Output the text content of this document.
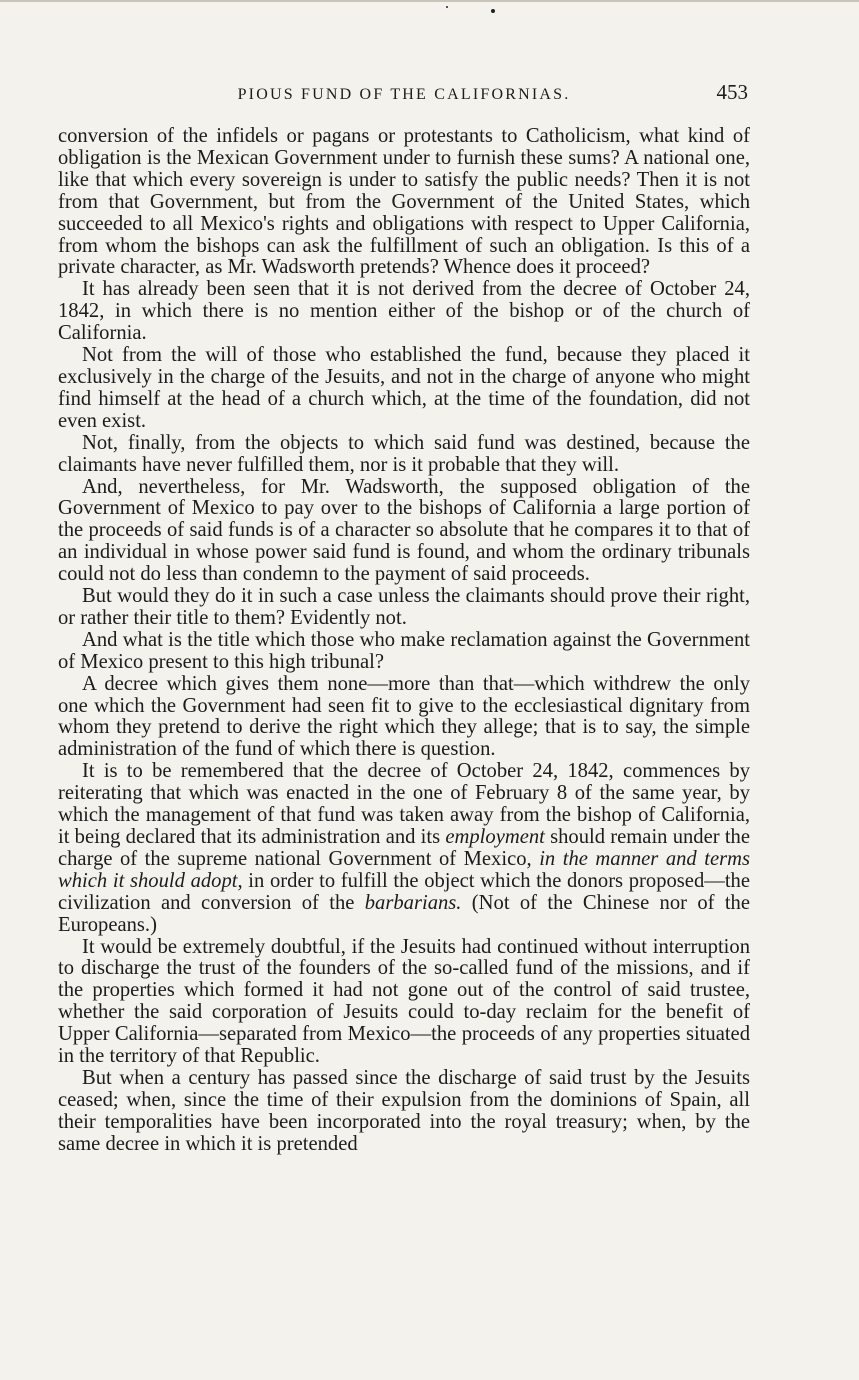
PIOUS FUND OF THE CALIFORNIAS.	453

conversion of the infidels or pagans or protestants to Catholicism, what kind of obligation is the Mexican Government under to furnish these sums? A national one, like that which every sovereign is under to satisfy the public needs? Then it is not from that Government, but from the Government of the United States, which succeeded to all Mexico's rights and obligations with respect to Upper California, from whom the bishops can ask the fulfillment of such an obligation. Is this of a private character, as Mr. Wadsworth pretends? Whence does it proceed?

It has already been seen that it is not derived from the decree of October 24, 1842, in which there is no mention either of the bishop or of the church of California.

Not from the will of those who established the fund, because they placed it exclusively in the charge of the Jesuits, and not in the charge of anyone who might find himself at the head of a church which, at the time of the foundation, did not even exist.

Not, finally, from the objects to which said fund was destined, because the claimants have never fulfilled them, nor is it probable that they will.

And, nevertheless, for Mr. Wadsworth, the supposed obligation of the Government of Mexico to pay over to the bishops of California a large portion of the proceeds of said funds is of a character so absolute that he compares it to that of an individual in whose power said fund is found, and whom the ordinary tribunals could not do less than condemn to the payment of said proceeds.

But would they do it in such a case unless the claimants should prove their right, or rather their title to them? Evidently not.

And what is the title which those who make reclamation against the Government of Mexico present to this high tribunal?

A decree which gives them none—more than that—which withdrew the only one which the Government had seen fit to give to the ecclesiastical dignitary from whom they pretend to derive the right which they allege; that is to say, the simple administration of the fund of which there is question.

It is to be remembered that the decree of October 24, 1842, commences by reiterating that which was enacted in the one of February 8 of the same year, by which the management of that fund was taken away from the bishop of California, it being declared that its administration and its employment should remain under the charge of the supreme national Government of Mexico, in the manner and terms which it should adopt, in order to fulfill the object which the donors proposed—the civilization and conversion of the barbarians. (Not of the Chinese nor of the Europeans.)

It would be extremely doubtful, if the Jesuits had continued without interruption to discharge the trust of the founders of the so-called fund of the missions, and if the properties which formed it had not gone out of the control of said trustee, whether the said corporation of Jesuits could to-day reclaim for the benefit of Upper California—separated from Mexico—the proceeds of any properties situated in the territory of that Republic.

But when a century has passed since the discharge of said trust by the Jesuits ceased; when, since the time of their expulsion from the dominions of Spain, all their temporalities have been incorporated into the royal treasury; when, by the same decree in which it is pretended
